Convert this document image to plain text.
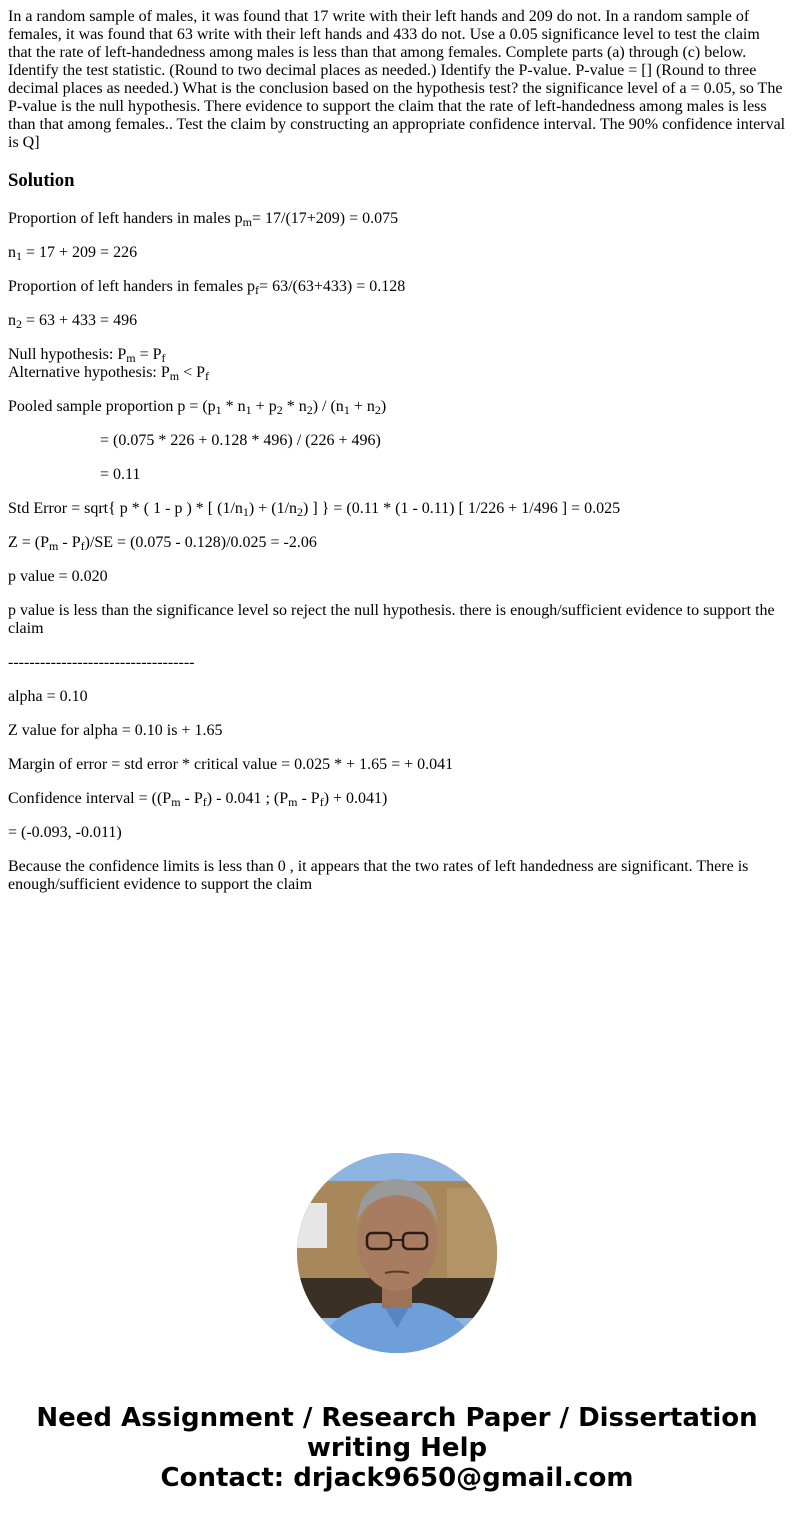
In a random sample of males, it was found that 17 write with their left hands and 209 do not. In a random sample of females, it was found that 63 write with their left hands and 433 do not. Use a 0.05 significance level to test the claim that the rate of left-handedness among males is less than that among females. Complete parts (a) through (c) below. Identify the test statistic. (Round to two decimal places as needed.) Identify the P-value. P-value = [] (Round to three decimal places as needed.) What is the conclusion based on the hypothesis test? the significance level of a = 0.05, so The P-value is the null hypothesis. There evidence to support the claim that the rate of left-handedness among males is less than that among females.. Test the claim by constructing an appropriate confidence interval. The 90% confidence interval is Q]

Solution
Proportion of left handers in males $p_m= 17/(17+209) = 0.075$
$n_1 = 17 + 209 = 226$
Proportion of left handers in females $p_f= 63/(63+433) = 0.128$
$n_2 = 63 + 433 = 496$
Null hypothesis: $P_m = P_f$
Alternative hypothesis: $P_m < P_f$
Pooled sample proportion $p = (p_1 * n_1 + p_2 * n_2) / (n_1 + n_2)$
= (0.075 * 226 + 0.128 * 496) / (226 + 496)
= 0.11
Std Error = sqrt{ p * ( 1 - p ) * [ $(1/n_1) + (1/n_2)$ ] } = (0.11 * (1 - 0.11) [ 1/226 + 1/496 ] = 0.025
$Z = (P_m - P_f)/SE = (0.075 - 0.128)/0.025 = -2.06$
p value = 0.020
p value is less than the significance level so reject the null hypothesis. there is enough/sufficient evidence to support the claim
-----------------------------------
alpha = 0.10
Z value for alpha = 0.10 is + 1.65
Margin of error = std error * critical value = 0.025 * + 1.65 = + 0.041
Confidence interval = ($(P_m - P_f) - 0.041$ ; $(P_m - P_f) + 0.041$)
= (-0.093, -0.011)
Because the confidence limits is less than 0 , it appears that the two rates of left handedness are significant. There is enough/sufficient evidence to support the claim
Need Assignment / Research Paper / Dissertation
writing Help
Contact: drjack9650@gmail.com
